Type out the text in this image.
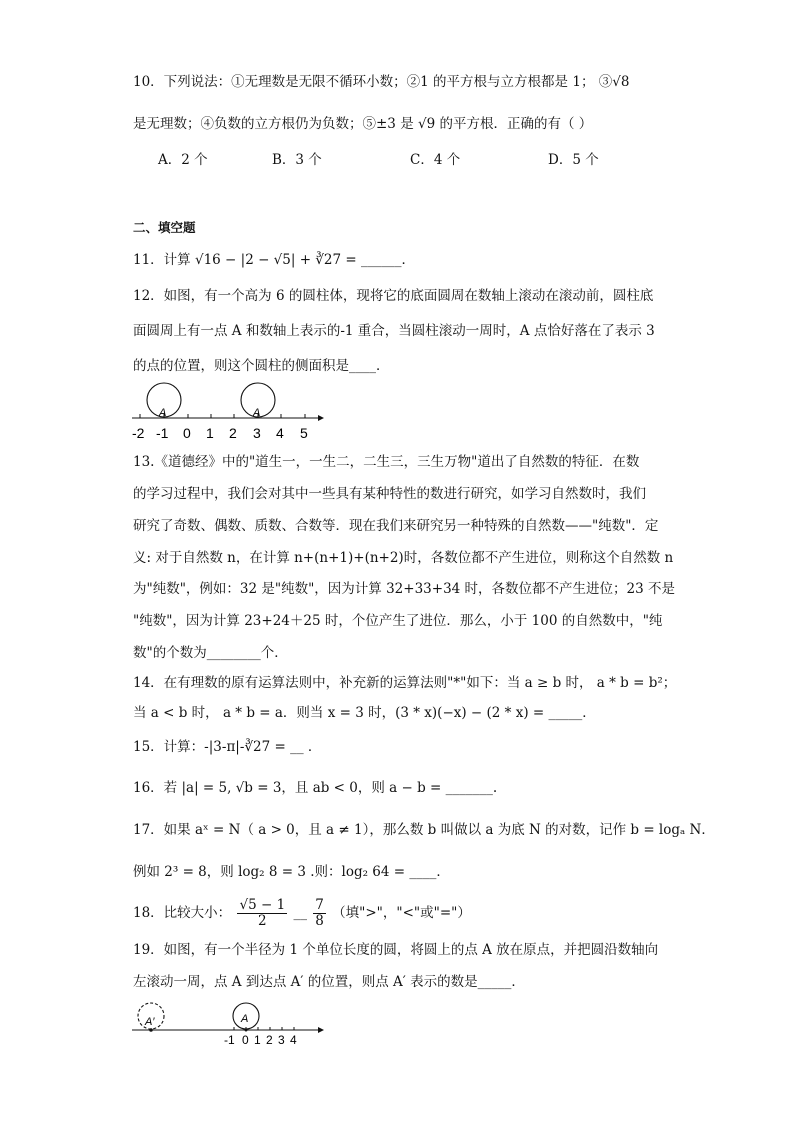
10．下列说法：①无理数是无限不循环小数；②1 的平方根与立方根都是 1； ③√8
是无理数；④负数的立方根仍为负数；⑤±3 是 √9 的平方根．正确的有（ ）
A．2 个	B．3 个	C．4 个	D．5 个
二、填空题
11．计算 √16 − |2 − √5| + ∛27 = ______．
12．如图，有一个高为 6 的圆柱体，现将它的底面圆周在数轴上滚动在滚动前，圆柱底
面圆周上有一点 A 和数轴上表示的-1 重合，当圆柱滚动一周时，A 点恰好落在了表示 3
的点的位置，则这个圆柱的侧面积是____．
A	A
-2 -1 0 1 2 3 4 5
13.《道德经》中的"道生一，一生二，二生三，三生万物"道出了自然数的特征．在数
的学习过程中，我们会对其中一些具有某种特性的数进行研究，如学习自然数时，我们
研究了奇数、偶数、质数、合数等．现在我们来研究另一种特殊的自然数——"纯数"．定
义: 对于自然数 n，在计算 n+(n+1)+(n+2)时，各数位都不产生进位，则称这个自然数 n
为"纯数"，例如：32 是"纯数"，因为计算 32+33+34 时，各数位都不产生进位；23 不是
"纯数"，因为计算 23+24＋25 时，个位产生了进位．那么，小于 100 的自然数中，"纯
数"的个数为________个．
14．在有理数的原有运算法则中，补充新的运算法则"*"如下：当 a ≥ b 时， a * b = b²；
当 a < b 时， a * b = a．则当 x = 3 时，(3 * x)(−x) − (2 * x) = _____．
15．计算：-|3-π|-∛27 = __ ．
16．若 |a| = 5, √b = 3，且 ab < 0，则 a − b = _______.
17．如果 aˣ = N（ a > 0，且 a ≠ 1），那么数 b 叫做以 a 为底 N 的对数，记作 b = logₐ N．
例如 2³ = 8，则 log₂ 8 = 3 .则：log₂ 64 = ____．
18．比较大小： $\frac{√5 - 1}{2}$ __ $\frac{7}{8}$ （填">"，"<"或"="）
19．如图，有一个半径为 1 个单位长度的圆，将圆上的点 A 放在原点，并把圆沿数轴向
左滚动一周，点 A 到达点 A′ 的位置，则点 A′ 表示的数是_____．
A′	A
-1 0 1 2 3 4
